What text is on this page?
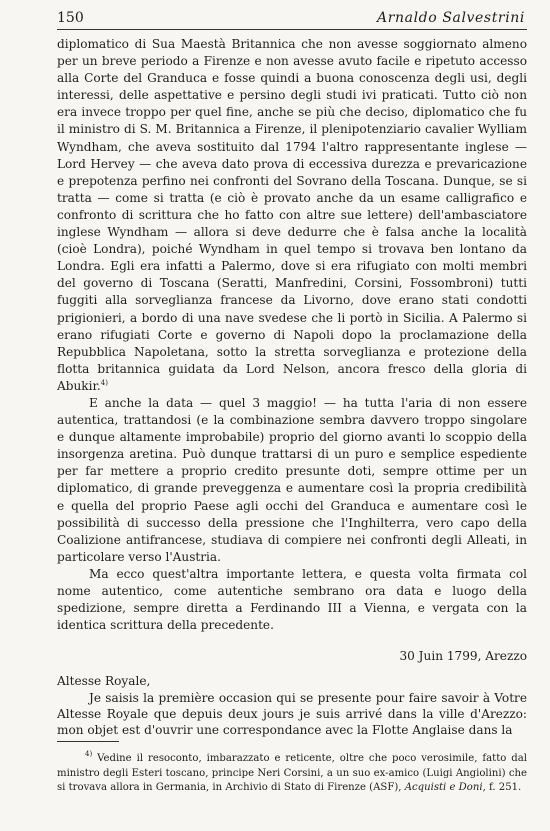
150	Arnaldo Salvestrini

diplomatico di Sua Maestà Britannica che non avesse soggiornato almeno per un breve periodo a Firenze e non avesse avuto facile e ripetuto accesso alla Corte del Granduca e fosse quindi a buona conoscenza degli usi, degli interessi, delle aspettative e persino degli studi ivi praticati. Tutto ciò non era invece troppo per quel fine, anche se più che deciso, diplomatico che fu il ministro di S. M. Britannica a Firenze, il plenipotenziario cavalier Wylliam Wyndham, che aveva sostituito dal 1794 l'altro rappresentante inglese — Lord Hervey — che aveva dato prova di eccessiva durezza e prevaricazione e prepotenza perfino nei confronti del Sovrano della Toscana. Dunque, se si tratta — come si tratta (e ciò è provato anche da un esame calligrafico e confronto di scrittura che ho fatto con altre sue lettere) dell'ambasciatore inglese Wyndham — allora si deve dedurre che è falsa anche la località (cioè Londra), poiché Wyndham in quel tempo si trovava ben lontano da Londra. Egli era infatti a Palermo, dove si era rifugiato con molti membri del governo di Toscana (Seratti, Manfredini, Corsini, Fossombroni) tutti fuggiti alla sorveglianza francese da Livorno, dove erano stati condotti prigionieri, a bordo di una nave svedese che li portò in Sicilia. A Palermo si erano rifugiati Corte e governo di Napoli dopo la proclamazione della Repubblica Napoletana, sotto la stretta sorveglianza e protezione della flotta britannica guidata da Lord Nelson, ancora fresco della gloria di Abukir.$^{4)}$

E anche la data — quel 3 maggio! — ha tutta l'aria di non essere autentica, trattandosi (e la combinazione sembra davvero troppo singolare e dunque altamente improbabile) proprio del giorno avanti lo scoppio della insorgenza aretina. Può dunque trattarsi di un puro e semplice espediente per far mettere a proprio credito presunte doti, sempre ottime per un diplomatico, di grande preveggenza e aumentare così la propria credibilità e quella del proprio Paese agli occhi del Granduca e aumentare così le possibilità di successo della pressione che l'Inghilterra, vero capo della Coalizione antifrancese, studiava di compiere nei confronti degli Alleati, in particolare verso l'Austria.

Ma ecco quest'altra importante lettera, e questa volta firmata col nome autentico, come autentiche sembrano ora data e luogo della spedizione, sempre diretta a Ferdinando III a Vienna, e vergata con la identica scrittura della precedente.

30 Juin 1799, Arezzo

Altesse Royale,

Je saisis la première occasion qui se presente pour faire savoir à Votre Altesse Royale que depuis deux jours je suis arrivé dans la ville d'Arezzo: mon objet est d'ouvrir une correspondance avec la Flotte Anglaise dans la

$^{4)}$ Vedine il resoconto, imbarazzato e reticente, oltre che poco verosimile, fatto dal ministro degli Esteri toscano, principe Neri Corsini, a un suo ex-amico (Luigi Angiolini) che si trovava allora in Germania, in Archivio di Stato di Firenze (ASF), Acquisti e Doni, f. 251.
